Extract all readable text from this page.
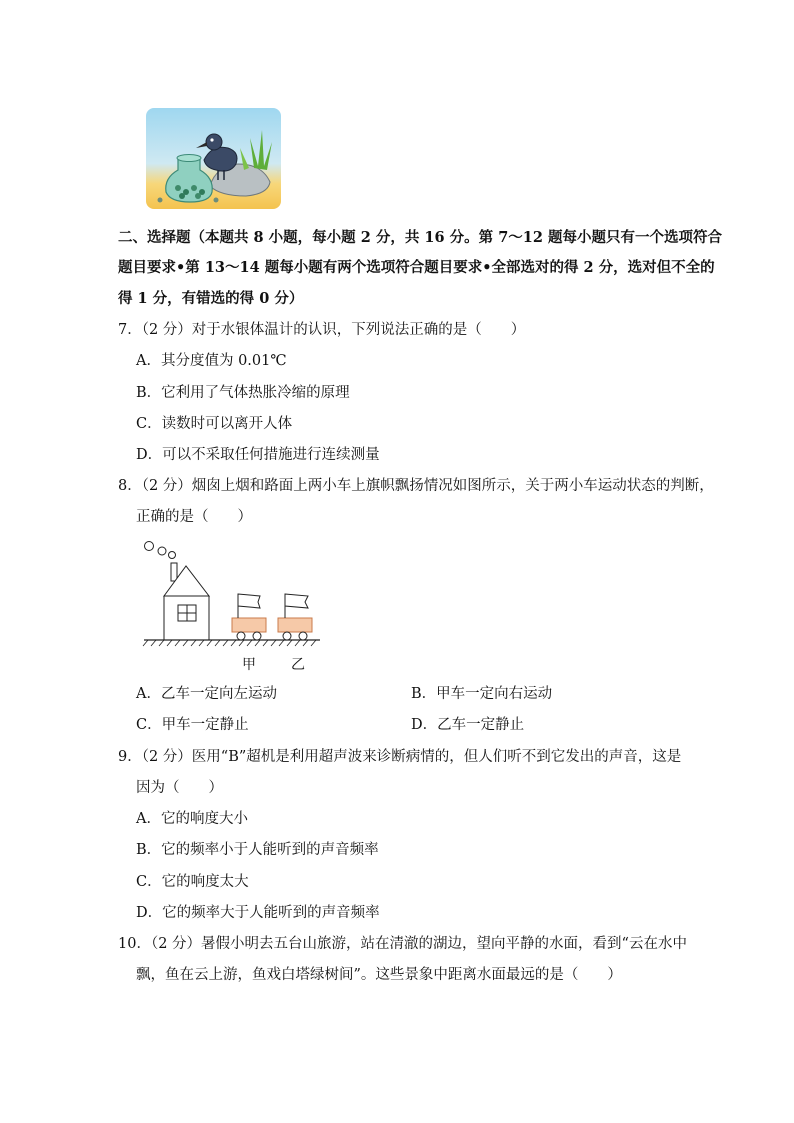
二、选择题（本题共 8 小题，每小题 2 分，共 16 分。第 7～12 题每小题只有一个选项符合
题目要求•第 13～14 题每小题有两个选项符合题目要求•全部选对的得 2 分，选对但不全的
得 1 分，有错选的得 0 分）
7．（2 分）对于水银体温计的认识，下列说法正确的是（　　）
A．其分度值为 0.01℃
B．它利用了气体热胀冷缩的原理
C．读数时可以离开人体
D．可以不采取任何措施进行连续测量
8．（2 分）烟囱上烟和路面上两小车上旗帜飘扬情况如图所示，关于两小车运动状态的判断，
正确的是（　　）
甲	乙
A．乙车一定向左运动	B．甲车一定向右运动
C．甲车一定静止	D．乙车一定静止
9．（2 分）医用“B”超机是利用超声波来诊断病情的，但人们听不到它发出的声音，这是
因为（　　）
A．它的响度大小
B．它的频率小于人能听到的声音频率
C．它的响度太大
D．它的频率大于人能听到的声音频率
10．（2 分）暑假小明去五台山旅游，站在清澈的湖边，望向平静的水面，看到“云在水中
飘，鱼在云上游，鱼戏白塔绿树间”。这些景象中距离水面最远的是（　　）
